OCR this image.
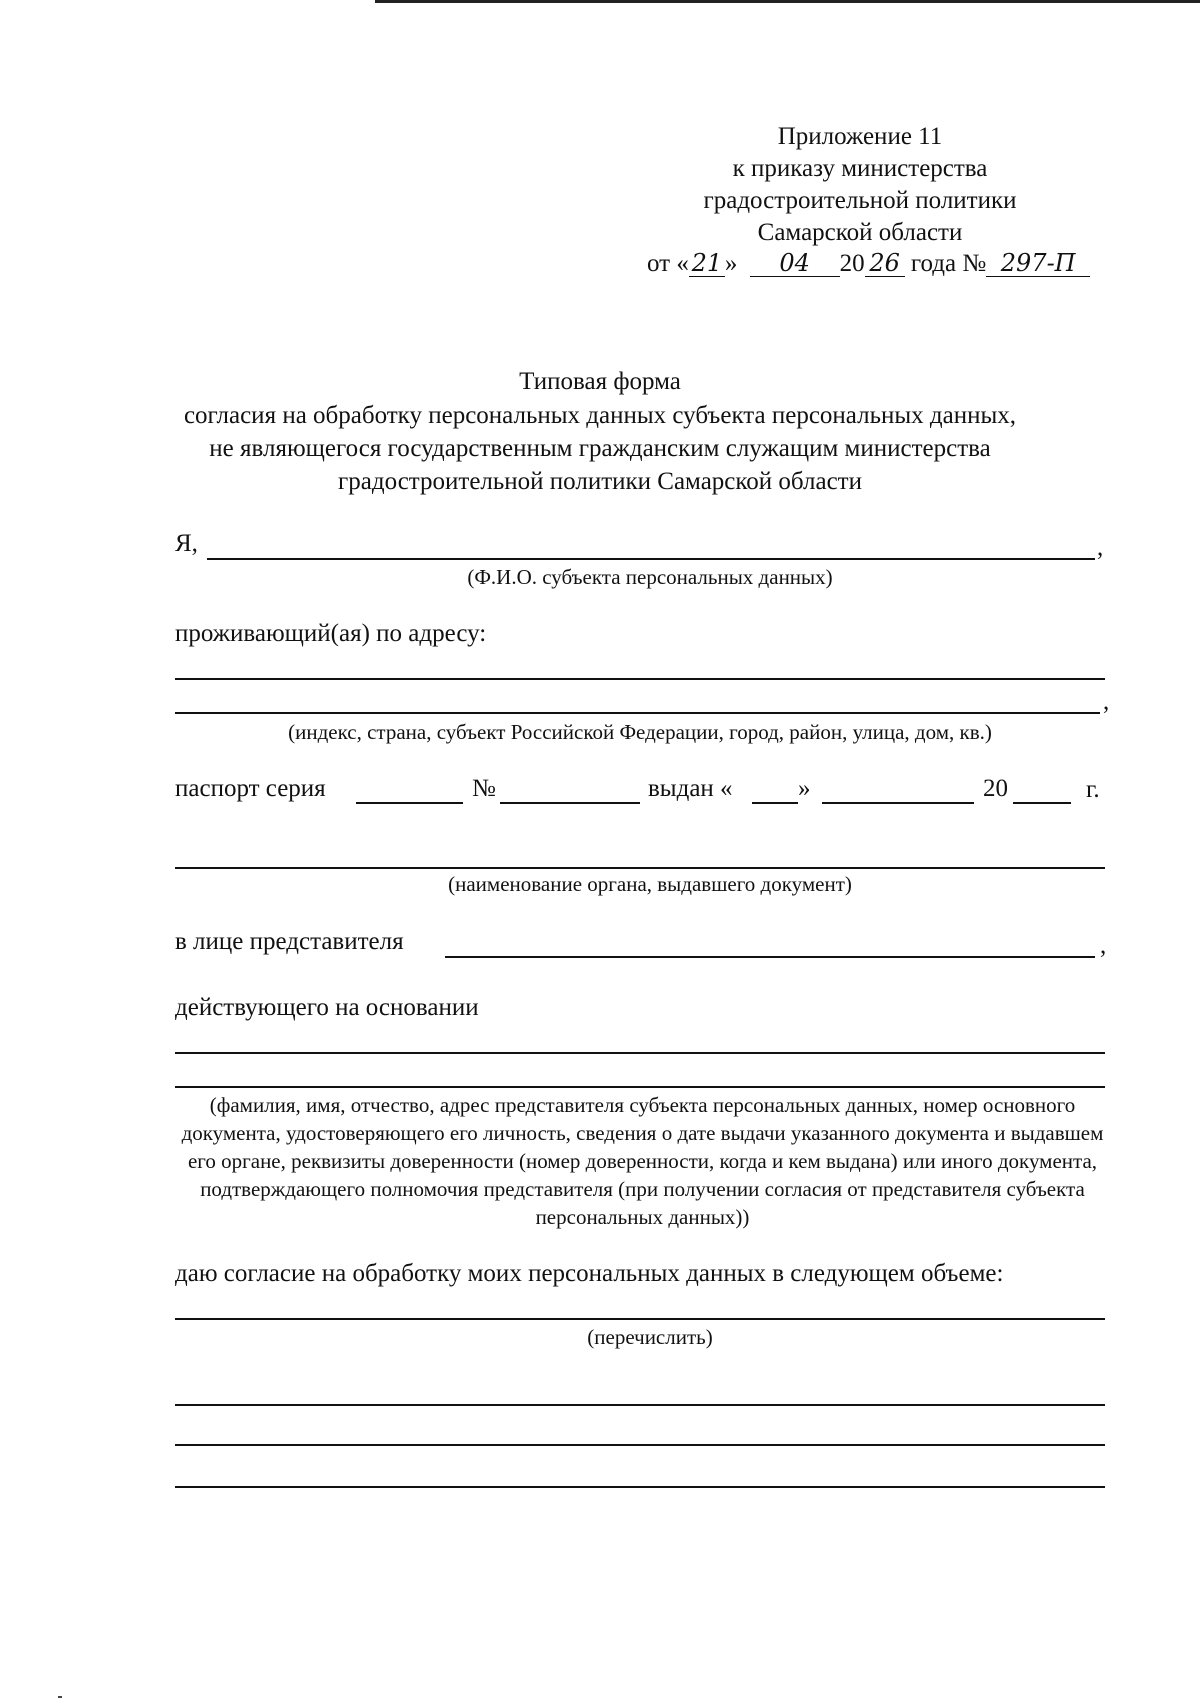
Приложение 11
к приказу министерства
градостроительной политики
Самарской области
от « 21 » 04 20 26 года № 297-П
Типовая форма
согласия на обработку персональных данных субъекта персональных данных,
не являющегося государственным гражданским служащим министерства
градостроительной политики Самарской области
Я,	,
(Ф.И.О. субъекта персональных данных)
проживающий(ая) по адресу:
,
(индекс, страна, субъект Российской Федерации, город, район, улица, дом, кв.)
паспорт серия	№	выдан «	»	20	г.
(наименование органа, выдавшего документ)
в лице представителя	,
действующего на основании
(фамилия, имя, отчество, адрес представителя субъекта персональных данных, номер основного документа, удостоверяющего его личность, сведения о дате выдачи указанного документа и выдавшем его органе, реквизиты доверенности (номер доверенности, когда и кем выдана) или иного документа, подтверждающего полномочия представителя (при получении согласия от представителя субъекта персональных данных))
даю согласие на обработку моих персональных данных в следующем объеме:
(перечислить)
